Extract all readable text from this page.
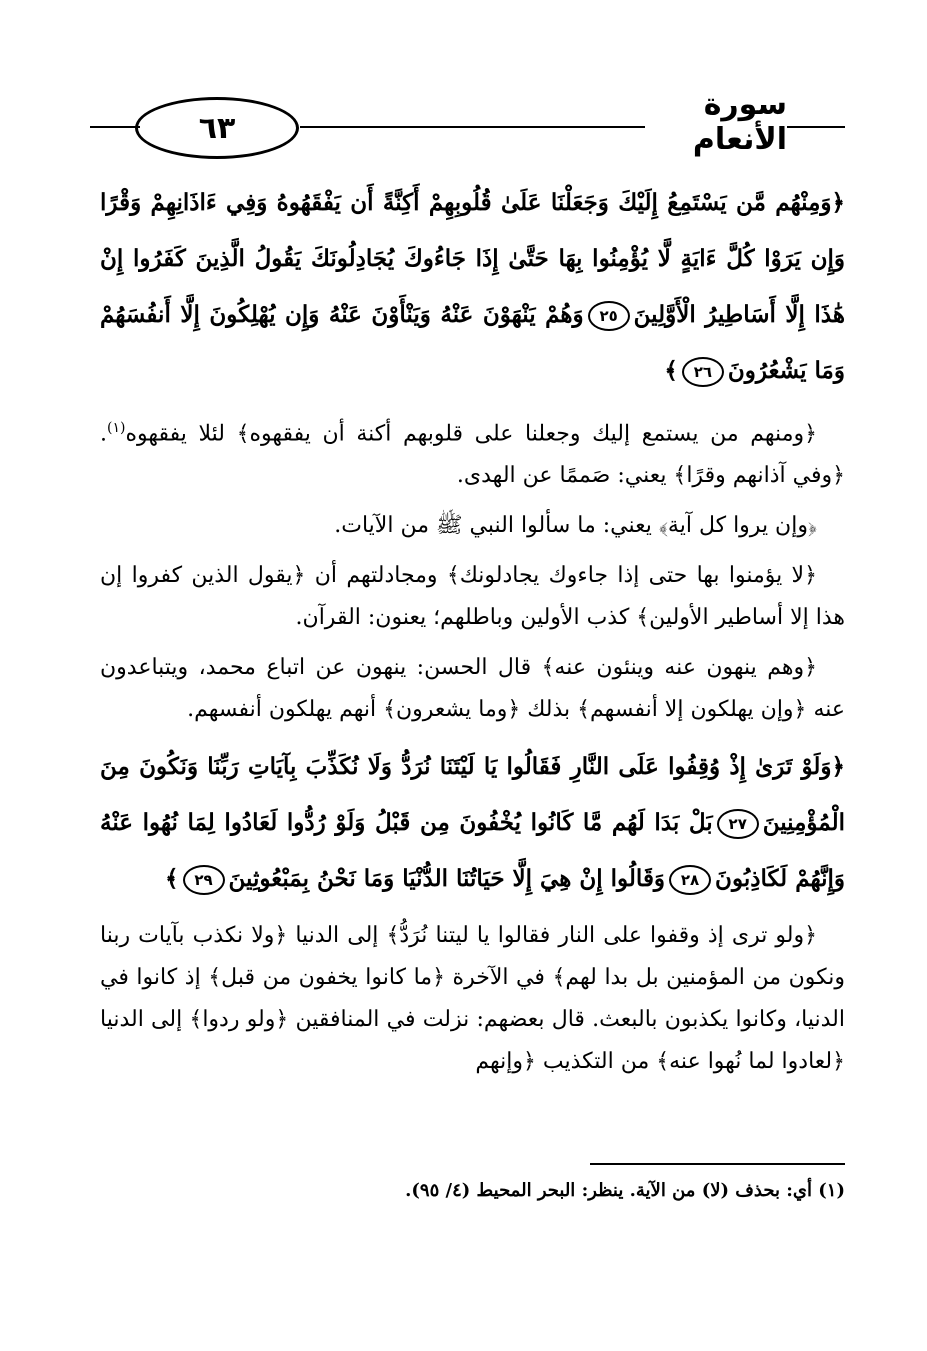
٦٣
سورة الأنعام

﴿وَمِنْهُم مَّن يَسْتَمِعُ إِلَيْكَ وَجَعَلْنَا عَلَىٰ قُلُوبِهِمْ أَكِنَّةً أَن يَفْقَهُوهُ وَفِي ءَاذَانِهِمْ وَقْرًا وَإِن يَرَوْا كُلَّ ءَايَةٍ لَّا يُؤْمِنُوا بِهَا حَتَّىٰ إِذَا جَاءُوكَ يُجَادِلُونَكَ يَقُولُ الَّذِينَ كَفَرُوا إِنْ هَٰذَا إِلَّا أَسَاطِيرُ الْأَوَّلِينَ٢٥وَهُمْ يَنْهَوْنَ عَنْهُ وَيَنْأَوْنَ عَنْهُ وَإِن يُهْلِكُونَ إِلَّا أَنفُسَهُمْ وَمَا يَشْعُرُونَ٢٦﴾

﴿ومنهم من يستمع إليك وجعلنا على قلوبهم أكنة أن يفقهوه﴾ لئلا يفقهوه$^{(١)}$. ﴿وفي آذانهم وقرًا﴾ يعني: صَممًا عن الهدى.

﴿وإن يروا كل آية﴾ يعني: ما سألوا النبي ﷺ من الآيات.

﴿لا يؤمنوا بها حتى إذا جاءوك يجادلونك﴾ ومجادلتهم أن ﴿يقول الذين كفروا إن هذا إلا أساطير الأولين﴾ كذب الأولين وباطلهم؛ يعنون: القرآن.

﴿وهم ينهون عنه وينئون عنه﴾ قال الحسن: ينهون عن اتباع محمد، ويتباعدون عنه ﴿وإن يهلكون إلا أنفسهم﴾ بذلك ﴿وما يشعرون﴾ أنهم يهلكون أنفسهم.

﴿وَلَوْ تَرَىٰ إِذْ وُقِفُوا عَلَى النَّارِ فَقَالُوا يَا لَيْتَنَا نُرَدُّ وَلَا نُكَذِّبَ بِآيَاتِ رَبِّنَا وَنَكُونَ مِنَ الْمُؤْمِنِينَ٢٧بَلْ بَدَا لَهُم مَّا كَانُوا يُخْفُونَ مِن قَبْلُ وَلَوْ رُدُّوا لَعَادُوا لِمَا نُهُوا عَنْهُ وَإِنَّهُمْ لَكَاذِبُونَ٢٨وَقَالُوا إِنْ هِيَ إِلَّا حَيَاتُنَا الدُّنْيَا وَمَا نَحْنُ بِمَبْعُوثِينَ٢٩﴾

﴿ولو ترى إذ وقفوا على النار فقالوا يا ليتنا نُرَدُّ﴾ إلى الدنيا ﴿ولا نكذب بآيات ربنا ونكون من المؤمنين بل بدا لهم﴾ في الآخرة ﴿ما كانوا يخفون من قبل﴾ إذ كانوا في الدنيا، وكانوا يكذبون بالبعث. قال بعضهم: نزلت في المنافقين ﴿ولو ردوا﴾ إلى الدنيا ﴿لعادوا لما نُهوا عنه﴾ من التكذيب ﴿وإنهم

(١) أي: بحذف (لا) من الآية. ينظر: البحر المحيط (٤/ ٩٥).
